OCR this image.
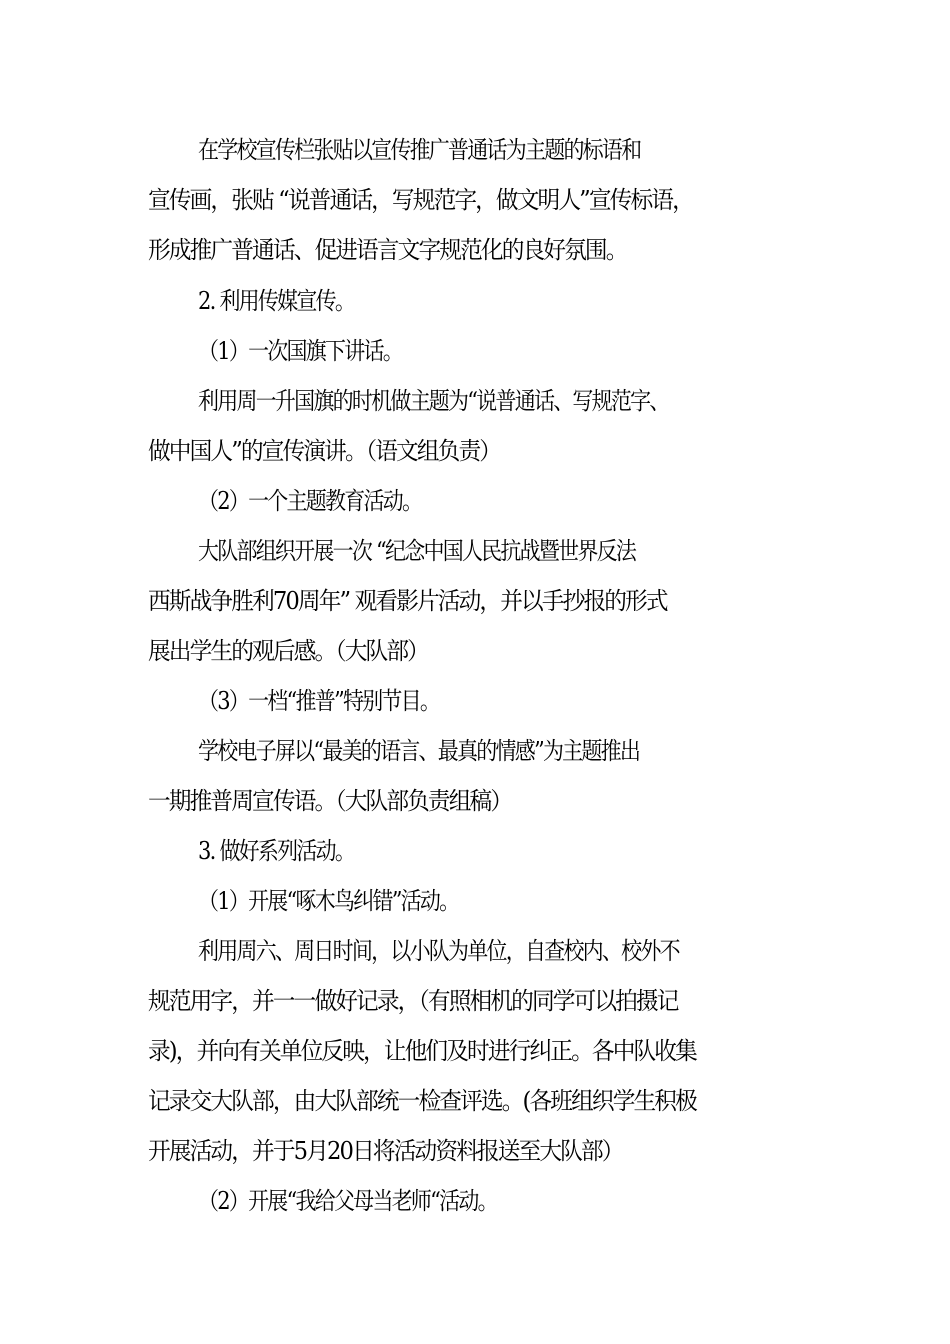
在学校宣传栏张贴以宣传推广普通话为主题的标语和
宣传画，张贴 “说普通话，写规范字，做文明人”宣传标语，
形成推广普通话、促进语言文字规范化的良好氛围。
2. 利用传媒宣传。
（1）一次国旗下讲话。
利用周一升国旗的时机做主题为“说普通话、写规范字、
做中国人”的宣传演讲。（语文组负责）
（2）一个主题教育活动。
大队部组织开展一次 “纪念中国人民抗战暨世界反法
西斯战争胜利70周年” 观看影片活动，并以手抄报的形式
展出学生的观后感。（大队部）
（3）一档“推普”特别节目。
学校电子屏以“最美的语言、最真的情感”为主题推出
一期推普周宣传语。（大队部负责组稿）
3. 做好系列活动。
（1）开展“啄木鸟纠错”活动。
利用周六、周日时间，以小队为单位，自查校内、校外不
规范用字，并一一做好记录，（有照相机的同学可以拍摄记
录)，并向有关单位反映，让他们及时进行纠正。各中队收集
记录交大队部，由大队部统一检查评选。(各班组织学生积极
开展活动，并于5月20日将活动资料报送至大队部）
（2）开展“我给父母当老师“活动。
